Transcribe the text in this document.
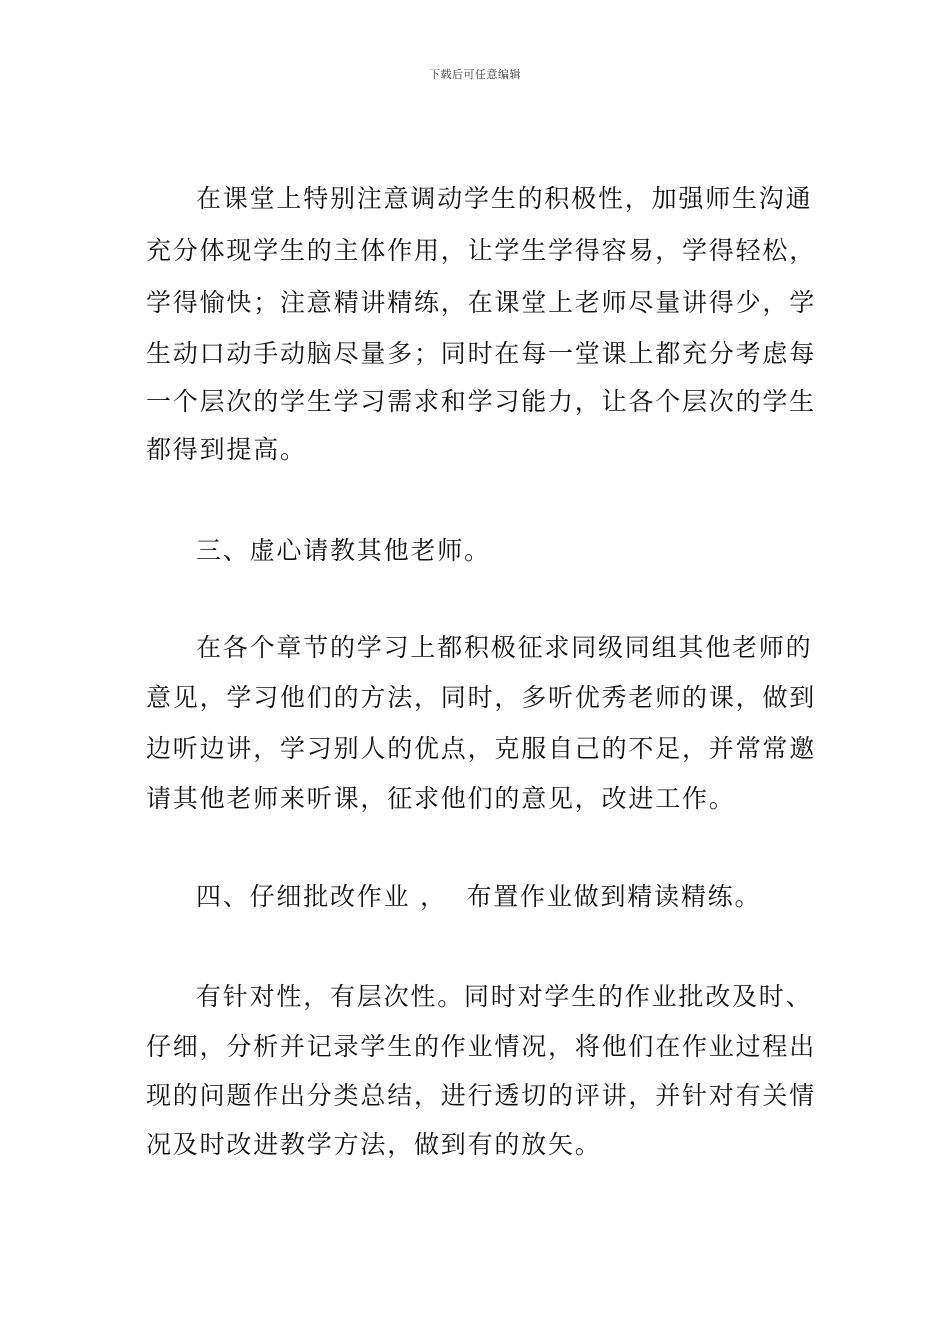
下载后可任意编辑
在课堂上特别注意调动学生的积极性，加强师生沟通
充分体现学生的主体作用，让学生学得容易，学得轻松，
学得愉快；注意精讲精练，在课堂上老师尽量讲得少，学
生动口动手动脑尽量多；同时在每一堂课上都充分考虑每
一个层次的学生学习需求和学习能力，让各个层次的学生
都得到提高。
三、虚心请教其他老师。
在各个章节的学习上都积极征求同级同组其他老师的
意见，学习他们的方法，同时，多听优秀老师的课，做到
边听边讲，学习别人的优点，克服自己的不足，并常常邀
请其他老师来听课，征求他们的意见，改进工作。
四、仔细批改作业 ，  布置作业做到精读精练。
有针对性，有层次性。同时对学生的作业批改及时、
仔细，分析并记录学生的作业情况，将他们在作业过程出
现的问题作出分类总结，进行透切的评讲，并针对有关情
况及时改进教学方法，做到有的放矢。
